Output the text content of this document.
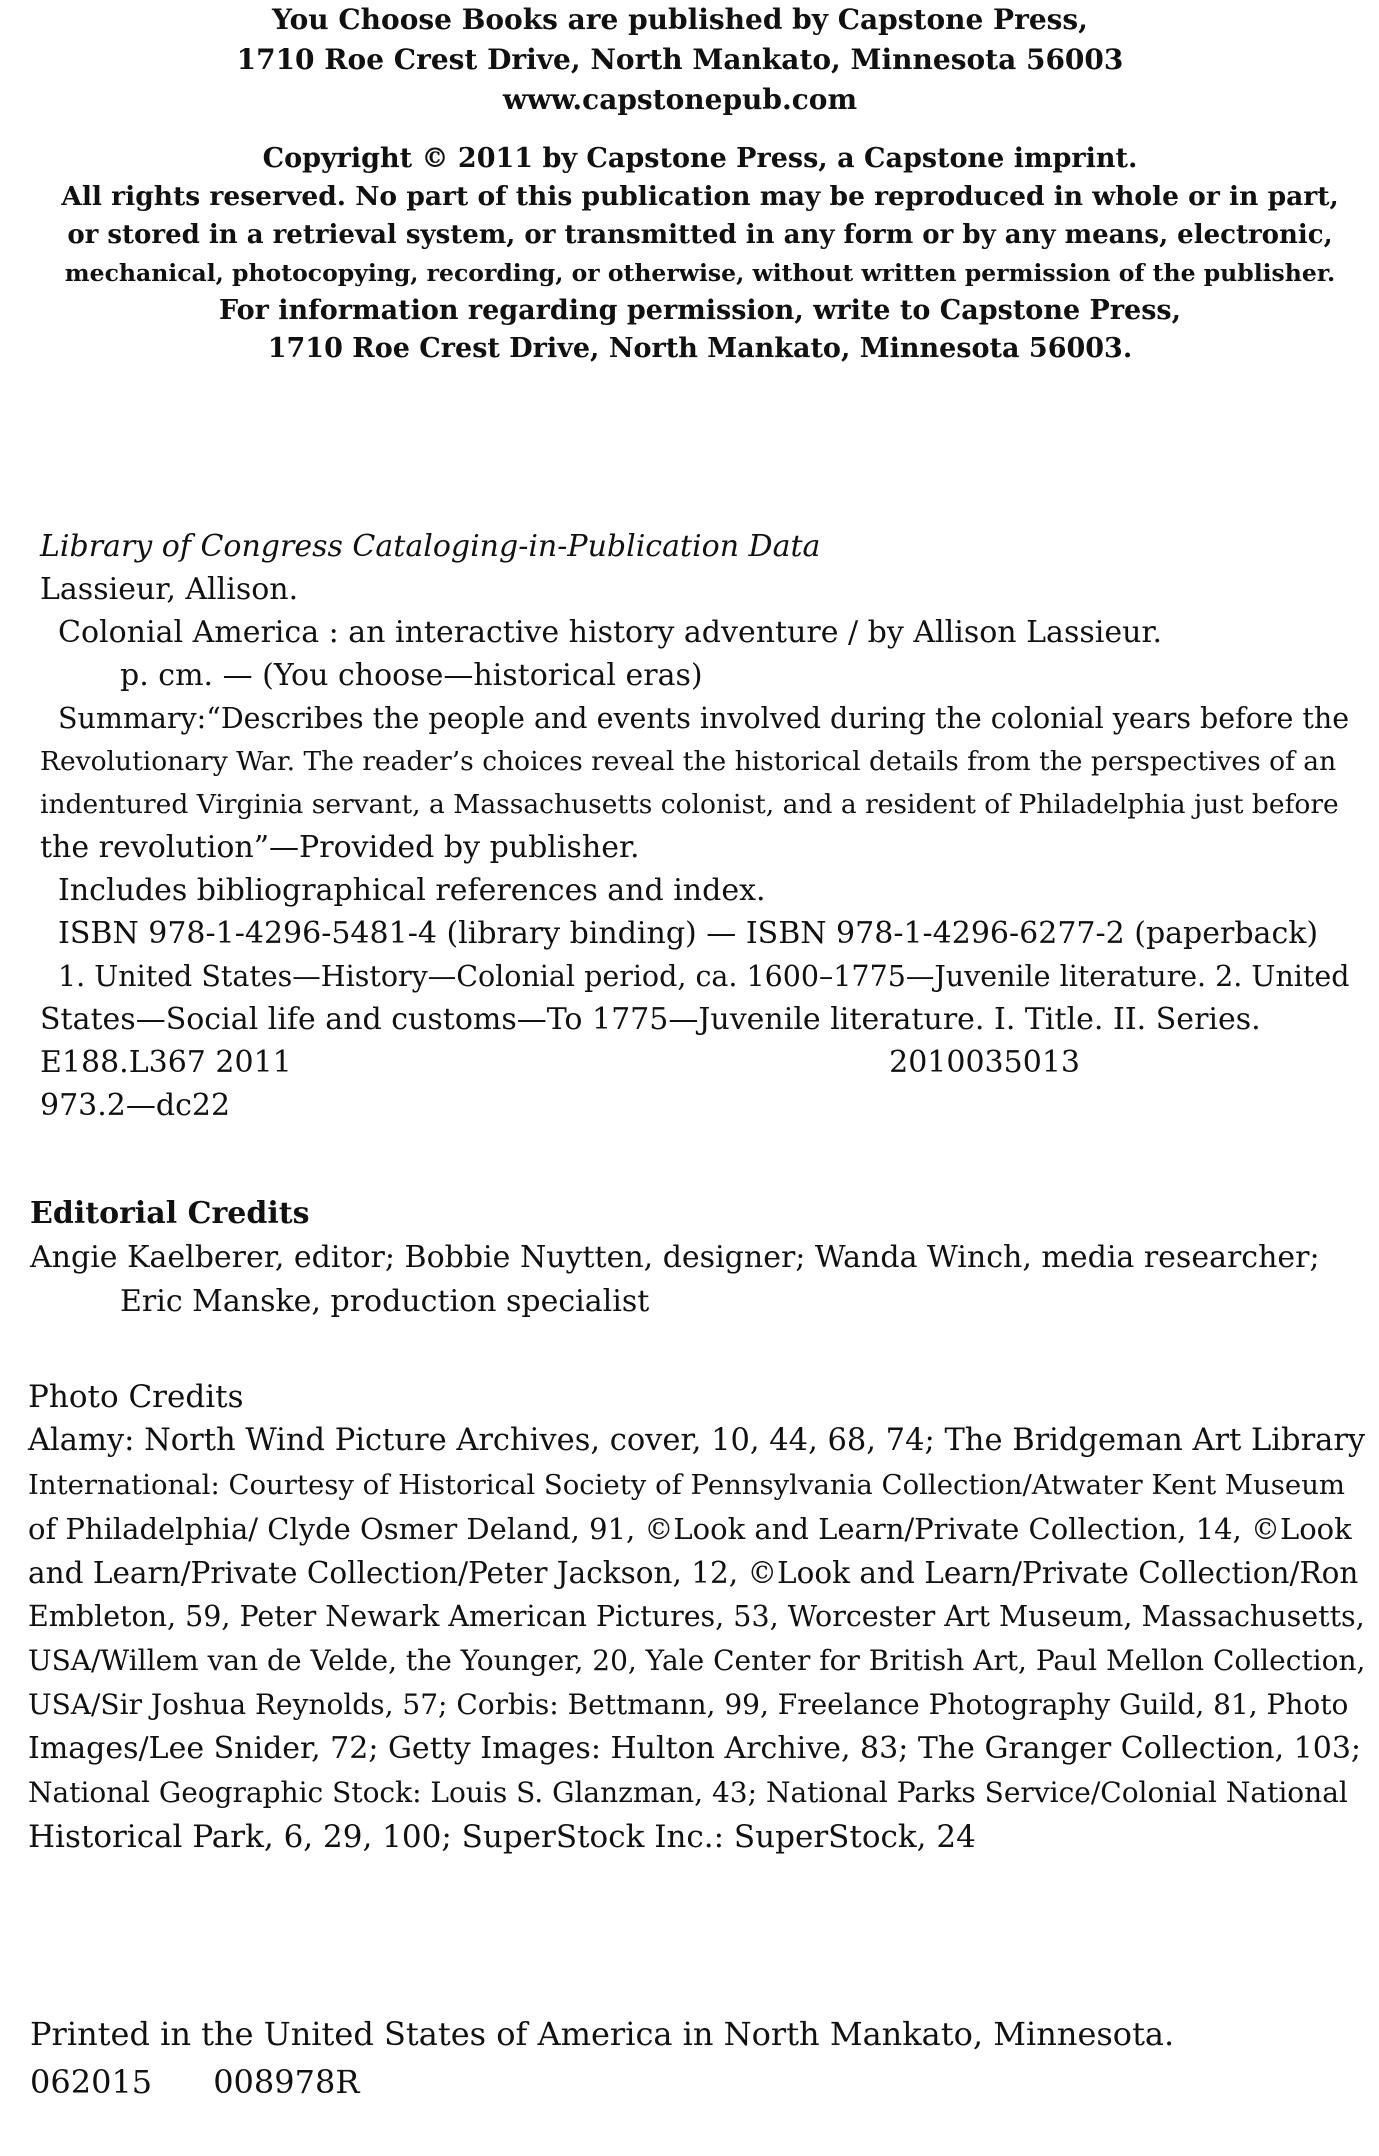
You Choose Books are published by Capstone Press,

1710 Roe Crest Drive, North Mankato, Minnesota 56003

www.capstonepub.com

Copyright © 2011 by Capstone Press, a Capstone imprint.

All rights reserved. No part of this publication may be reproduced in whole or in part,

or stored in a retrieval system, or transmitted in any form or by any means, electronic,

mechanical, photocopying, recording, or otherwise, without written permission of the publisher.

For information regarding permission, write to Capstone Press,

1710 Roe Crest Drive, North Mankato, Minnesota 56003.

Library of Congress Cataloging-in-Publication Data

Lassieur, Allison.

Colonial America : an interactive history adventure / by Allison Lassieur.

p. cm. — (You choose—historical eras)

Summary:“Describes the people and events involved during the colonial years before the

Revolutionary War. The reader’s choices reveal the historical details from the perspectives of an

indentured Virginia servant, a Massachusetts colonist, and a resident of Philadelphia just before

the revolution”—Provided by publisher.

Includes bibliographical references and index.

ISBN 978-1-4296-5481-4 (library binding) — ISBN 978-1-4296-6277-2 (paperback)

1. United States—History—Colonial period, ca. 1600–1775—Juvenile literature. 2. United

States—Social life and customs—To 1775—Juvenile literature. I. Title. II. Series.

E188.L367 2011	2010035013

973.2—dc22

Editorial Credits

Angie Kaelberer, editor; Bobbie Nuytten, designer; Wanda Winch, media researcher;

Eric Manske, production specialist

Photo Credits

Alamy: North Wind Picture Archives, cover, 10, 44, 68, 74; The Bridgeman Art Library

International: Courtesy of Historical Society of Pennsylvania Collection/Atwater Kent Museum

of Philadelphia/ Clyde Osmer Deland, 91, ©Look and Learn/Private Collection, 14, ©Look

and Learn/Private Collection/Peter Jackson, 12, ©Look and Learn/Private Collection/Ron

Embleton, 59, Peter Newark American Pictures, 53, Worcester Art Museum, Massachusetts,

USA/Willem van de Velde, the Younger, 20, Yale Center for British Art, Paul Mellon Collection,

USA/Sir Joshua Reynolds, 57; Corbis: Bettmann, 99, Freelance Photography Guild, 81, Photo

Images/Lee Snider, 72; Getty Images: Hulton Archive, 83; The Granger Collection, 103;

National Geographic Stock: Louis S. Glanzman, 43; National Parks Service/Colonial National

Historical Park, 6, 29, 100; SuperStock Inc.: SuperStock, 24

Printed in the United States of America in North Mankato, Minnesota.

062015      008978R
